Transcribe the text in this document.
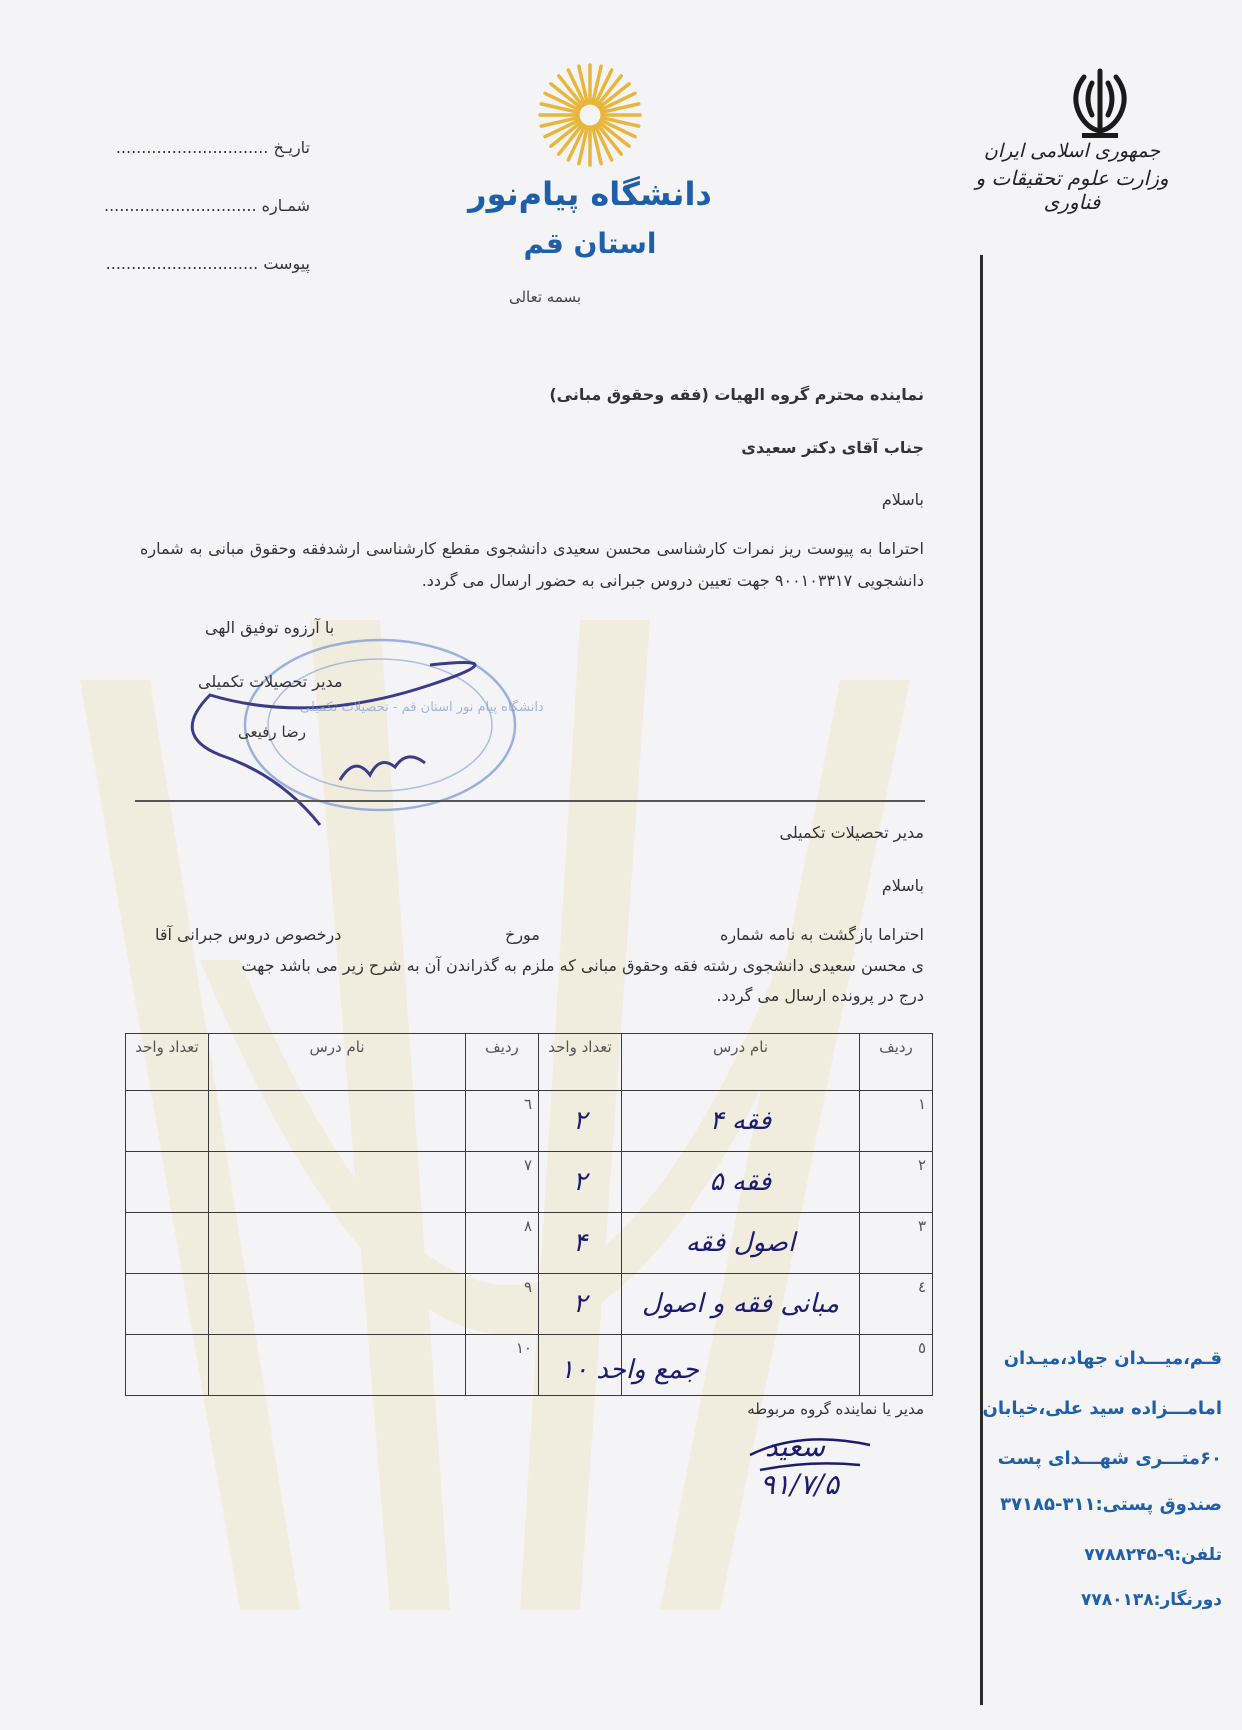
جمهوری اسلامی ایران
وزارت علوم تحقیقات و فناوری
دانشگاه پیام‌نور
استان قم
بسمه تعالی
تاریـخ ..............................
شمـاره ..............................
پیوست ..............................
نماینده محترم گروه الهیات (فقه وحقوق مبانی)
جناب آقای دکتر سعیدی
باسلام
احتراما به پیوست ریز نمرات کارشناسی محسن سعیدی دانشجوی مقطع کارشناسی ارشدفقه وحقوق مبانی به شماره دانشجویی ۹۰۰۱۰۳۳۱۷ جهت تعیین دروس جبرانی به حضور ارسال می گردد.
با آرزوه توفیق الهی
مدیر تحصیلات تکمیلی
رضا رفیعی
دانشگاه پیام نور استان قم - تحصیلات تکمیلی
مدیر تحصیلات تکمیلی
باسلام
احتراما بازگشت به نامه شماره
مورخ
درخصوص دروس جبرانی آقا
ی محسن سعیدی دانشجوی رشته فقه وحقوق مبانی که ملزم به گذراندن آن به شرح زیر می باشد جهت
درج در پرونده ارسال می گردد.
ردیف	نام درس	تعداد واحد	ردیف	نام درس	تعداد واحد
۱	فقه ۴	۲	٦		
۲	فقه ۵	۲	٧		
۳	اصول فقه	۴	٨		
٤	مبانی فقه و اصول	۲	٩		
٥			١٠		
جمع واحد ۱۰
مدیر یا نماینده گروه مربوطه
سعید
۹۱/۷/۵
قـم،میـــدان جهاد،میـدان
امامـــزاده سید علی،خیابان
۶۰متـــری شهـــدای پست
صندوق پستی:۳۱۱-۳۷۱۸۵
تلفن:۹-۷۷۸۸۲۴۵
دورنگار:۷۷۸۰۱۳۸
